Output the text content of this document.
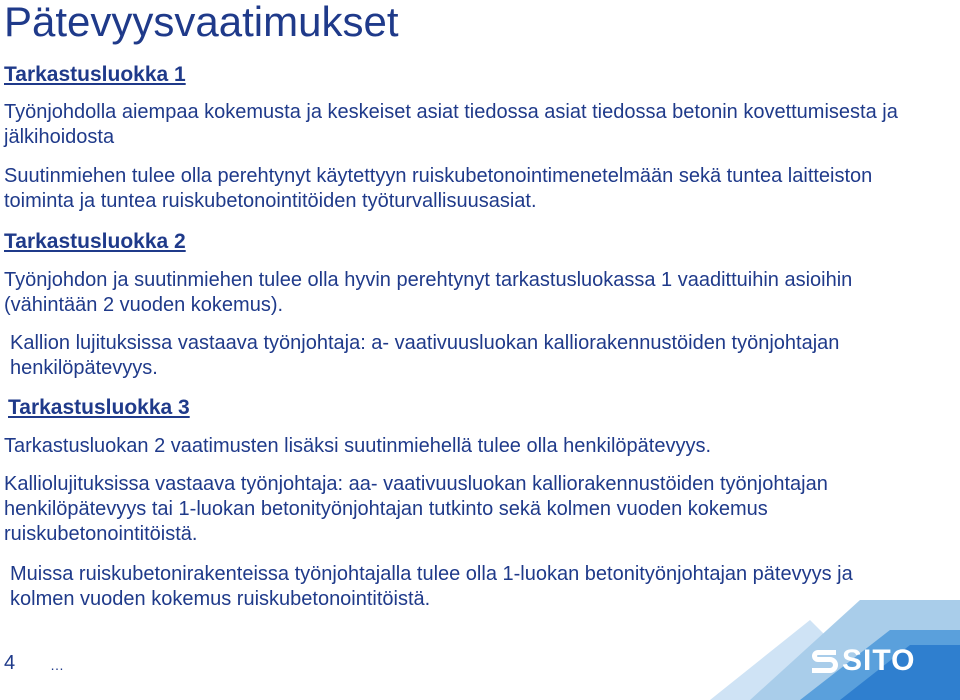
Pätevyysvaatimukset
Tarkastusluokka 1
Työnjohdolla aiempaa kokemusta ja keskeiset asiat tiedossa asiat tiedossa betonin kovettumisesta ja jälkihoidosta
Suutinmiehen tulee olla perehtynyt käytettyyn ruiskubetonointimenetelmään sekä tuntea laitteiston toiminta ja tuntea ruiskubetonointitöiden työturvallisuusasiat.
Tarkastusluokka 2
Työnjohdon ja suutinmiehen tulee olla hyvin perehtynyt tarkastusluokassa 1 vaadittuihin asioihin (vähintään 2 vuoden kokemus).
Kallion lujituksissa vastaava työnjohtaja: a- vaativuusluokan kalliorakennustöiden työnjohtajan henkilöpätevyys.
Tarkastusluokka 3
Tarkastusluokan 2 vaatimusten lisäksi suutinmiehellä tulee olla henkilöpätevyys.
Kalliolujituksissa vastaava työnjohtaja: aa- vaativuusluokan kalliorakennustöiden työnjohtajan henkilöpätevyys tai 1-luokan betonityönjohtajan tutkinto sekä kolmen vuoden kokemus ruiskubetonointitöistä.
Muissa ruiskubetonirakenteissa työnjohtajalla tulee olla 1-luokan betonityönjohtajan pätevyys ja kolmen vuoden kokemus ruiskubetonointitöistä.
4 …	SITO
